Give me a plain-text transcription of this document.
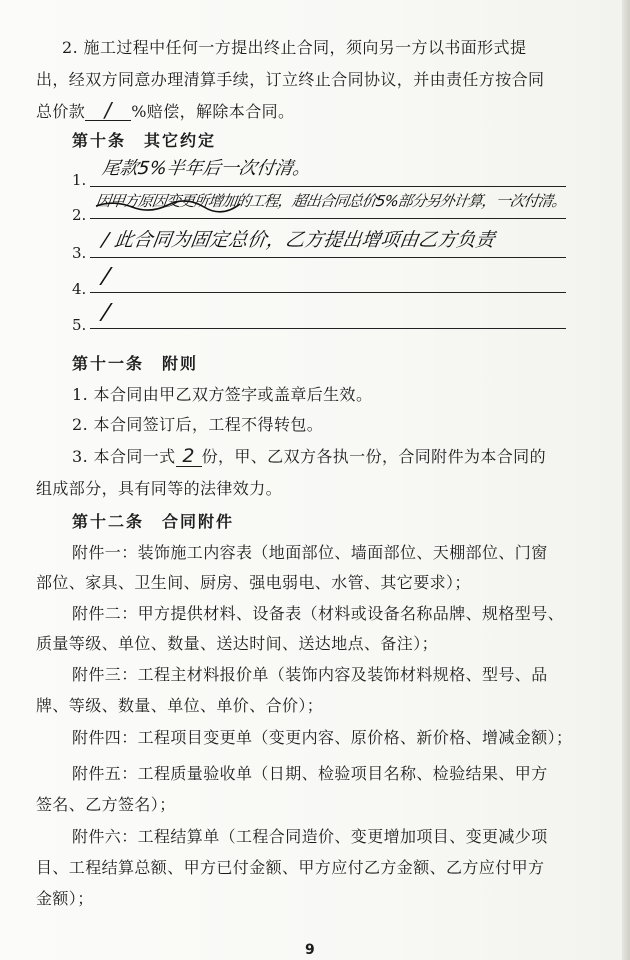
2. 施工过程中任何一方提出终止合同，须向另一方以书面形式提
出，经双方同意办理清算手续，订立终止合同协议，并由责任方按合同
总价款 / %赔偿，解除本合同。
第十条　其它约定
1.
尾款5%半年后一次付清。
2.
因甲方原因变更所增加的工程，超出合同总价5%部分另外计算，一次付清。
3.
/ 此合同为固定总价，乙方提出增项由乙方负责
4. /
5. /
第十一条　附则
1. 本合同由甲乙双方签字或盖章后生效。
2. 本合同签订后，工程不得转包。
3. 本合同一式 2 份，甲、乙双方各执一份，合同附件为本合同的
组成部分，具有同等的法律效力。
第十二条　合同附件
附件一：装饰施工内容表（地面部位、墙面部位、天棚部位、门窗
部位、家具、卫生间、厨房、强电弱电、水管、其它要求）；
附件二：甲方提供材料、设备表（材料或设备名称品牌、规格型号、
质量等级、单位、数量、送达时间、送达地点、备注）；
附件三：工程主材料报价单（装饰内容及装饰材料规格、型号、品
牌、等级、数量、单位、单价、合价）；
附件四：工程项目变更单（变更内容、原价格、新价格、增减金额）；
附件五：工程质量验收单（日期、检验项目名称、检验结果、甲方
签名、乙方签名）；
附件六：工程结算单（工程合同造价、变更增加项目、变更减少项
目、工程结算总额、甲方已付金额、甲方应付乙方金额、乙方应付甲方
金额）；
9
